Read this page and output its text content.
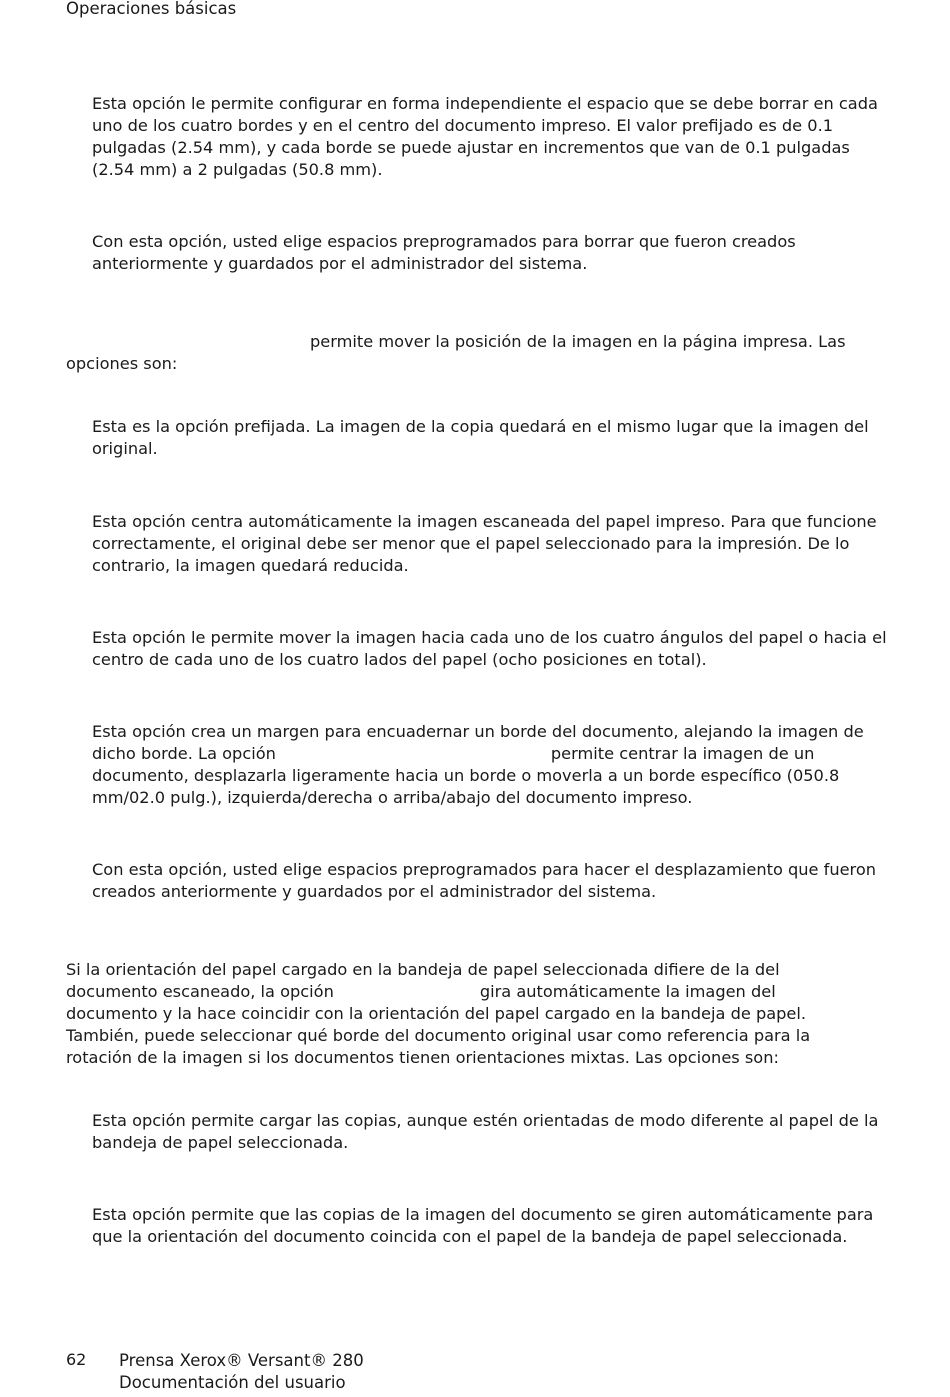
Operaciones básicas

Esta opción le permite configurar en forma independiente el espacio que se debe borrar en cada uno de los cuatro bordes y en el centro del documento impreso. El valor prefijado es de 0.1 pulgadas (2.54 mm), y cada borde se puede ajustar en incrementos que van de 0.1 pulgadas (2.54 mm) a 2 pulgadas (50.8 mm).

Con esta opción, usted elige espacios preprogramados para borrar que fueron creados anteriormente y guardados por el administrador del sistema.

permite mover la posición de la imagen en la página impresa. Las
opciones son:

Esta es la opción prefijada. La imagen de la copia quedará en el mismo lugar que la imagen del original.

Esta opción centra automáticamente la imagen escaneada del papel impreso. Para que funcione correctamente, el original debe ser menor que el papel seleccionado para la impresión. De lo contrario, la imagen quedará reducida.

Esta opción le permite mover la imagen hacia cada uno de los cuatro ángulos del papel o hacia el centro de cada uno de los cuatro lados del papel (ocho posiciones en total).

Esta opción crea un margen para encuadernar un borde del documento, alejando la imagen de dicho borde. La opción	permite centrar la imagen de un documento, desplazarla ligeramente hacia un borde o moverla a un borde específico (050.8 mm/02.0 pulg.), izquierda/derecha o arriba/abajo del documento impreso.

Con esta opción, usted elige espacios preprogramados para hacer el desplazamiento que fueron creados anteriormente y guardados por el administrador del sistema.

Si la orientación del papel cargado en la bandeja de papel seleccionada difiere de la del documento escaneado, la opción	gira automáticamente la imagen del documento y la hace coincidir con la orientación del papel cargado en la bandeja de papel. También, puede seleccionar qué borde del documento original usar como referencia para la rotación de la imagen si los documentos tienen orientaciones mixtas. Las opciones son:

Esta opción permite cargar las copias, aunque estén orientadas de modo diferente al papel de la bandeja de papel seleccionada.

Esta opción permite que las copias de la imagen del documento se giren automáticamente para que la orientación del documento coincida con el papel de la bandeja de papel seleccionada.

62 Prensa Xerox® Versant® 280
Documentación del usuario
